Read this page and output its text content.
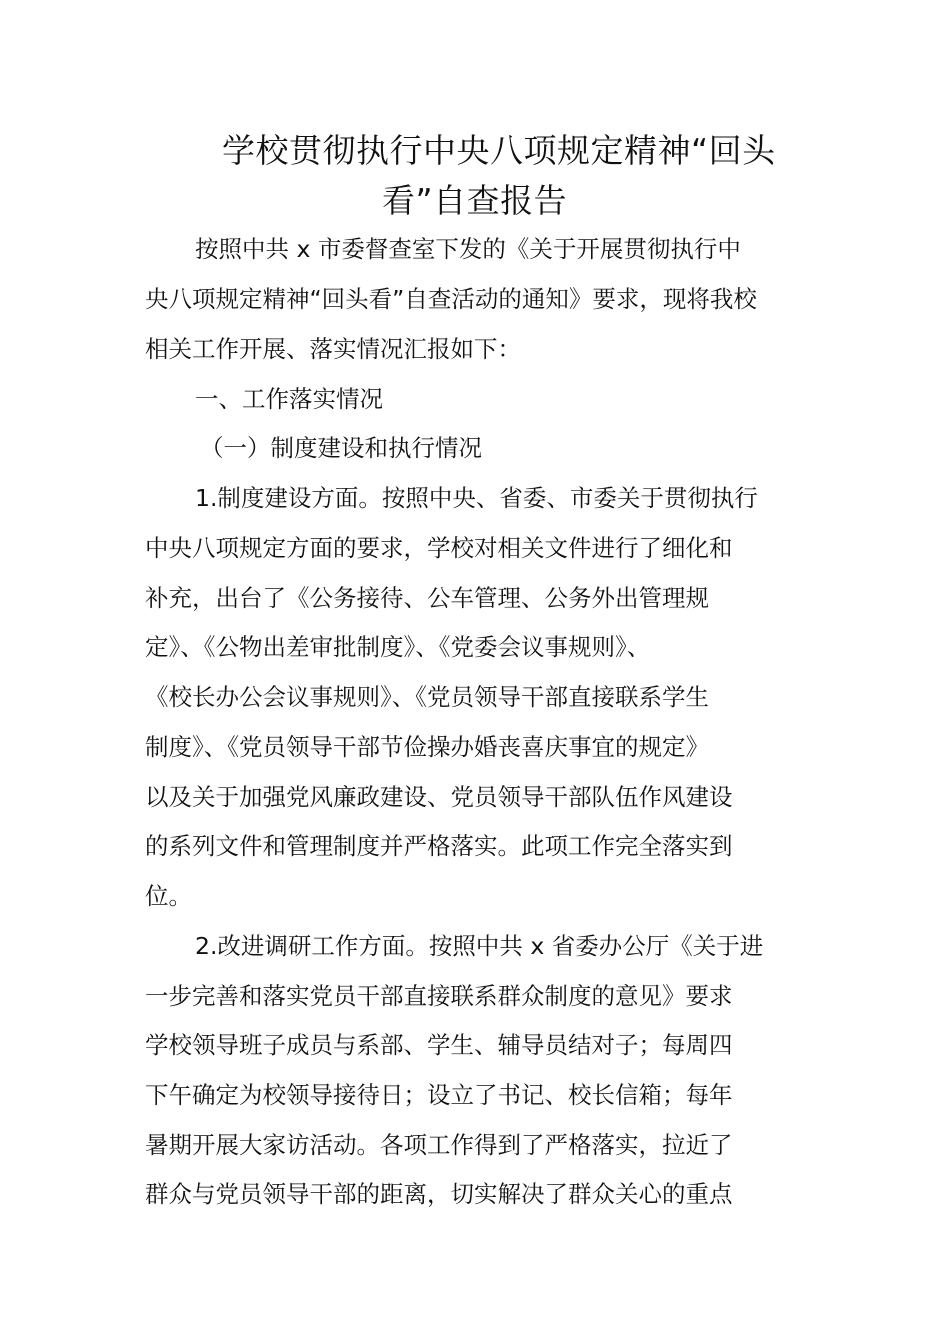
学校贯彻执行中央八项规定精神“回头
看”自查报告
按照中共 x 市委督查室下发的《关于开展贯彻执行中
央八项规定精神“回头看”自查活动的通知》要求，现将我校
相关工作开展、落实情况汇报如下：
一、工作落实情况
（一）制度建设和执行情况
1.制度建设方面。按照中央、省委、市委关于贯彻执行
中央八项规定方面的要求，学校对相关文件进行了细化和
补充，出台了《公务接待、公车管理、公务外出管理规
定》、《公物出差审批制度》、《党委会议事规则》、
《校长办公会议事规则》、《党员领导干部直接联系学生
制度》、《党员领导干部节俭操办婚丧喜庆事宜的规定》
以及关于加强党风廉政建设、党员领导干部队伍作风建设
的系列文件和管理制度并严格落实。此项工作完全落实到
位。
2.改进调研工作方面。按照中共 x 省委办公厅《关于进
一步完善和落实党员干部直接联系群众制度的意见》要求
学校领导班子成员与系部、学生、辅导员结对子；每周四
下午确定为校领导接待日；设立了书记、校长信箱；每年
暑期开展大家访活动。各项工作得到了严格落实，拉近了
群众与党员领导干部的距离，切实解决了群众关心的重点
